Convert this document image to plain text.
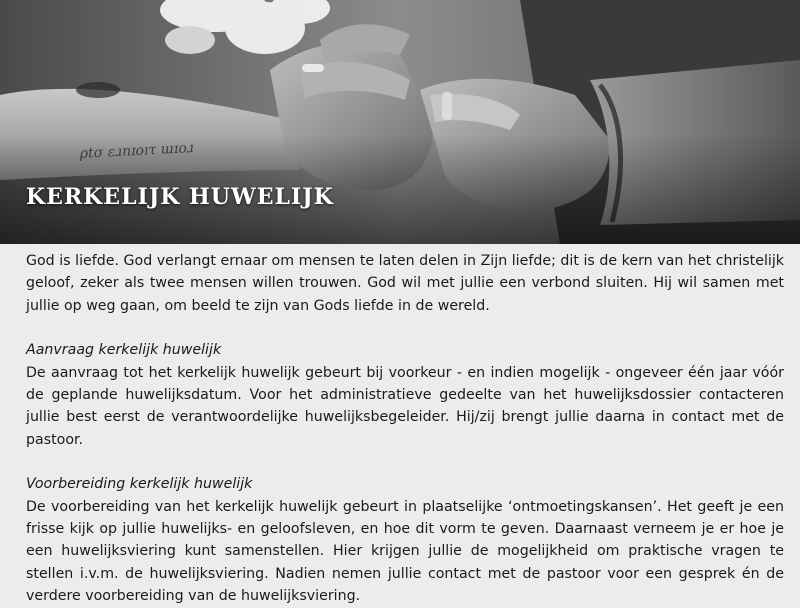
KERKELIJK HUWELIJK

God is liefde. God verlangt ernaar om mensen te laten delen in Zijn liefde; dit is de kern van het christelijk geloof, zeker als twee mensen willen trouwen. God wil met jullie een verbond sluiten. Hij wil samen met jullie op weg gaan, om beeld te zijn van Gods liefde in de wereld.

Aanvraag kerkelijk huwelijk
De aanvraag tot het kerkelijk huwelijk gebeurt bij voorkeur - en indien mogelijk - ongeveer één jaar vóór de geplande huwelijksdatum. Voor het administratieve gedeelte van het huwelijksdossier contacteren jullie best eerst de verantwoordelijke huwelijksbegeleider. Hij/zij brengt jullie daarna in contact met de pastoor.

Voorbereiding kerkelijk huwelijk
De voorbereiding van het kerkelijk huwelijk gebeurt in plaatselijke ‘ontmoetingskansen’. Het geeft je een frisse kijk op jullie huwelijks- en geloofsleven, en hoe dit vorm te geven. Daarnaast verneem je er hoe je een huwelijksviering kunt samenstellen. Hier krijgen jullie de mogelijkheid om praktische vragen te stellen i.v.m. de huwelijksviering. Nadien nemen jullie contact met de pastoor voor een gesprek én de verdere voorbereiding van de huwelijksviering.
